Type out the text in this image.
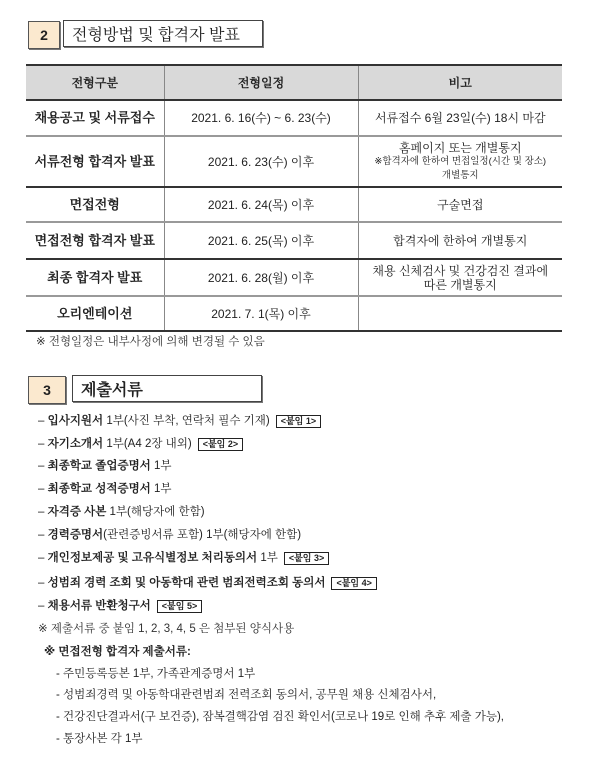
2	전형방법 및 합격자 발표
전형구분	전형일정	비고
채용공고 및 서류접수	2021. 6. 16(수) ~ 6. 23(수)	서류접수 6월 23일(수) 18시 마감
서류전형 합격자 발표	2021. 6. 23(수) 이후	홈페이지 또는 개별통지
※합격자에 한하여 면접일정(시간 및 장소)
개별통지

면접전형	2021. 6. 24(목) 이후	구술면접
면접전형 합격자 발표	2021. 6. 25(목) 이후	합격자에 한하여 개별통지
최종 합격자 발표	2021. 6. 28(월) 이후	채용 신체검사 및 건강검진 결과에
따른 개별통지

오리엔테이션	2021. 7. 1(목) 이후	
※ 전형일정은 내부사정에 의해 변경될 수 있음
3	제출서류
– 입사지원서 1부(사진 부착, 연락처 필수 기재) <붙임 1>
– 자기소개서 1부(A4 2장 내외) <붙임 2>
– 최종학교 졸업증명서 1부
– 최종학교 성적증명서 1부
– 자격증 사본 1부(해당자에 한함)
– 경력증명서(관련증빙서류 포함) 1부(해당자에 한함)
– 개인정보제공 및 고유식별정보 처리동의서 1부 <붙임 3>
– 성범죄 경력 조회 및 아동학대 관련 범죄전력조회 동의서 <붙임 4>
– 채용서류 반환청구서 <붙임 5>
※ 제출서류 중 붙임 1, 2, 3, 4, 5 은 첨부된 양식사용
※ 면접전형 합격자 제출서류:
- 주민등록등본 1부, 가족관계증명서 1부
- 성범죄경력 및 아동학대관련범죄 전력조회 동의서, 공무원 채용 신체검사서,
- 건강진단결과서(구 보건증), 잠복결핵감염 검진 확인서(코로나 19로 인해 추후 제출 가능),
- 통장사본 각 1부
